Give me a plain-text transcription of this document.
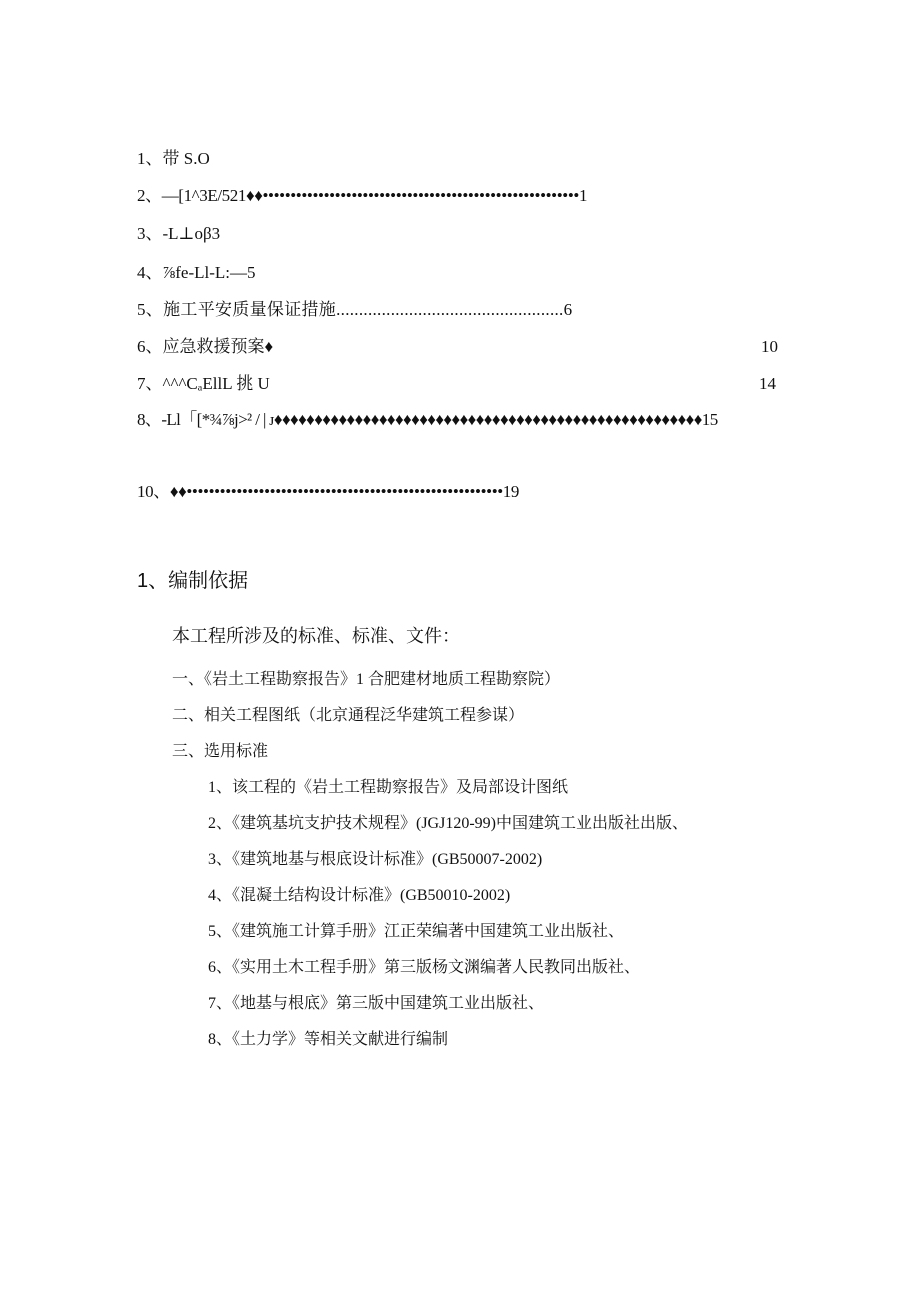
1、 带 S.O
2、 —[1^3E/521♦♦•••••••••••••••••••••••••••••••••••••••••••••••••••••••••1
3、 -L⊥oβ3
4、 ⅞fe-Ll-L:—5
5、 施工平安质量保证措施..................................................6
6、 应急救援预案♦	10
7、 ^^^CₐEllL 挑 U	14
8、 -Ll「[*¾⅞j>² / | ᴊ♦♦♦♦♦♦♦♦♦♦♦♦♦♦♦♦♦♦♦♦♦♦♦♦♦♦♦♦♦♦♦♦♦♦♦♦♦♦♦♦♦♦♦♦♦♦♦♦♦♦♦♦♦15
10、 ♦♦•••••••••••••••••••••••••••••••••••••••••••••••••••••••••19
1、编制依据
本工程所涉及的标准、标准、文件：
一、《岩土工程勘察报告》1 合肥建材地质工程勘察院）
二、相关工程图纸（北京通程泛华建筑工程参谋）
三、选用标准
1、该工程的《岩土工程勘察报告》及局部设计图纸
2、《建筑基坑支护技术规程》(JGJ120-99)中国建筑工业出版社出版、
3、《建筑地基与根底设计标准》(GB50007-2002)
4、《混凝土结构设计标准》(GB50010-2002)
5、《建筑施工计算手册》江正荣编著中国建筑工业出版社、
6、《实用土木工程手册》第三版杨文渊编著人民教同出版社、
7、《地基与根底》第三版中国建筑工业出版社、
8、《土力学》等相关文献进行编制
